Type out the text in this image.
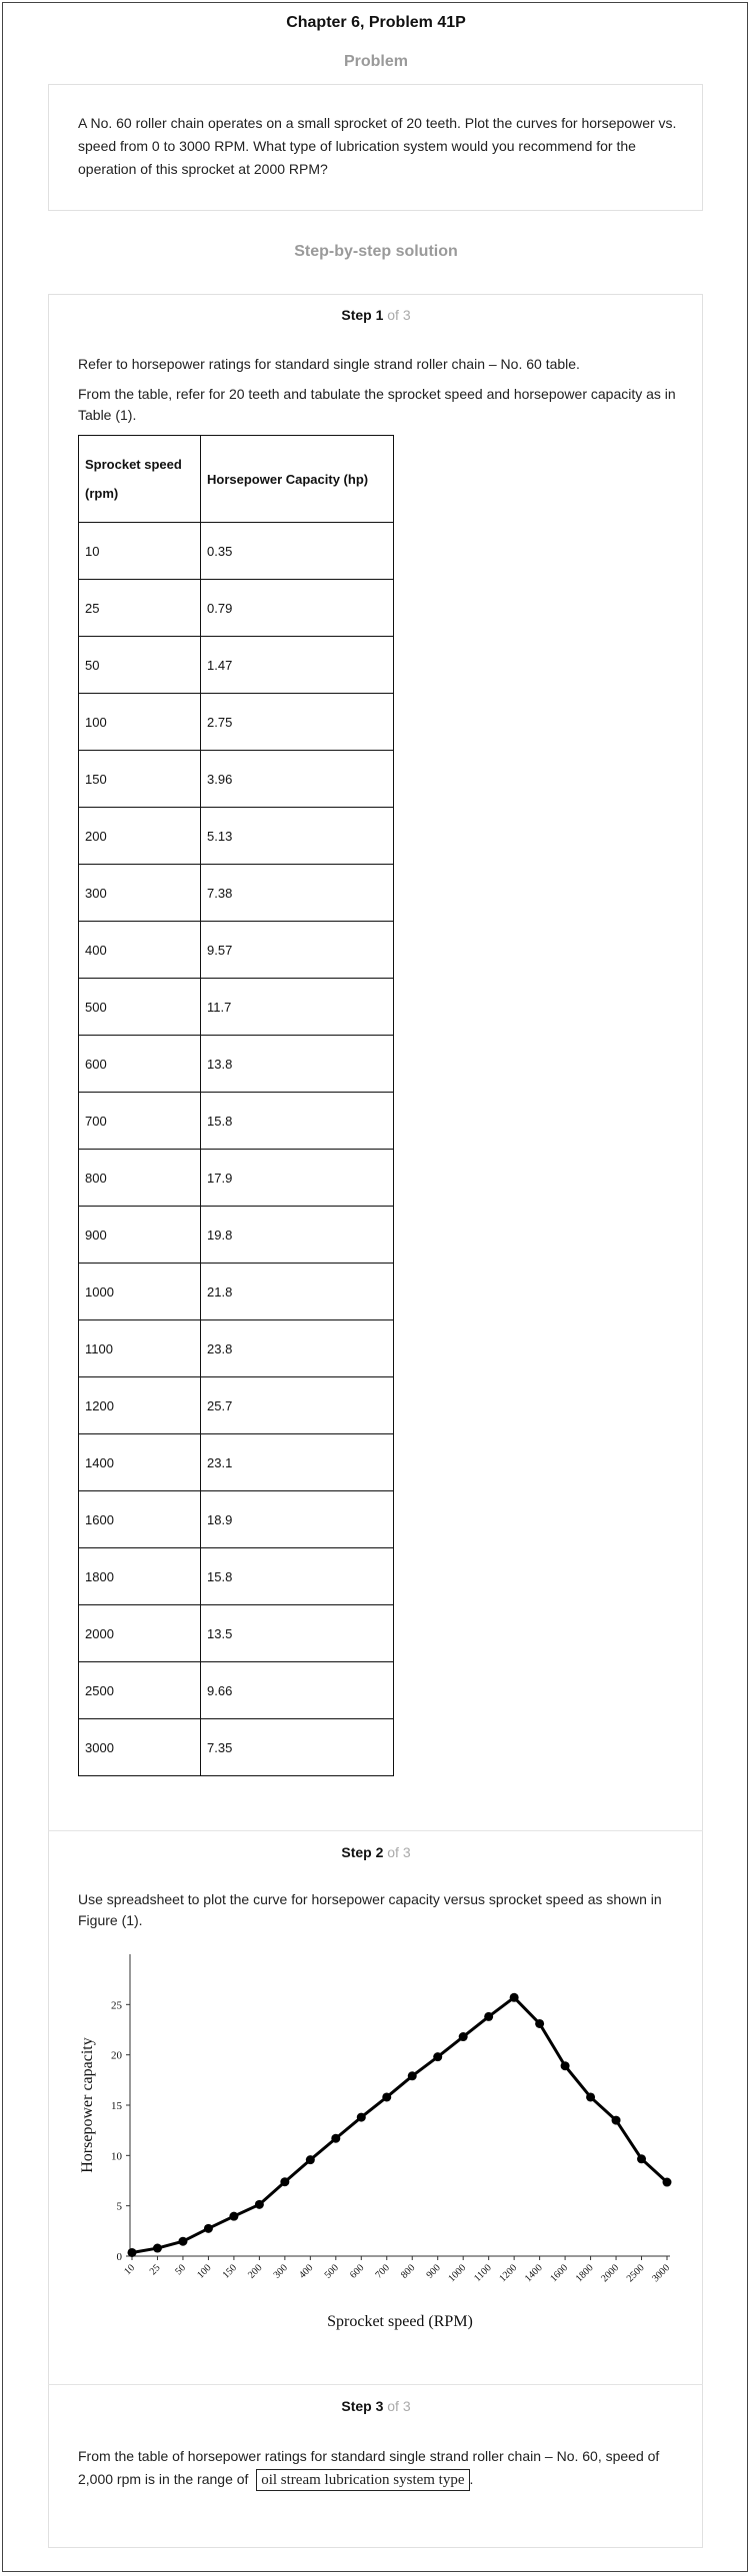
Chapter 6, Problem 41P
Problem
A No. 60 roller chain operates on a small sprocket of 20 teeth. Plot the curves for horsepower vs. speed from 0 to 3000 RPM. What type of lubrication system would you recommend for the operation of this sprocket at 2000 RPM?
Step-by-step solution
Step 1 of 3
Refer to horsepower ratings for standard single strand roller chain – No. 60 table.
From the table, refer for 20 teeth and tabulate the sprocket speed and horsepower capacity as in Table (1).
Sprocket speed (rpm)	Horsepower Capacity (hp)
10	0.35
25	0.79
50	1.47
100	2.75
150	3.96
200	5.13
300	7.38
400	9.57
500	11.7
600	13.8
700	15.8
800	17.9
900	19.8
1000	21.8
1100	23.8
1200	25.7
1400	23.1
1600	18.9
1800	15.8
2000	13.5
2500	9.66
3000	7.35
Step 2 of 3
Use spreadsheet to plot the curve for horsepower capacity versus sprocket speed as shown in Figure (1).
0
5
10
15
20
25
10 25 50 100 150 200 300 400 500 600 700 800 900 1000 1100 1200 1400 1600 1800 2000 2500 3000
Sprocket speed (RPM)
Horsepower capacity
Step 3 of 3
From the table of horsepower ratings for standard single strand roller chain – No. 60, speed of 2,000 rpm is in the range of oil stream lubrication system type .
